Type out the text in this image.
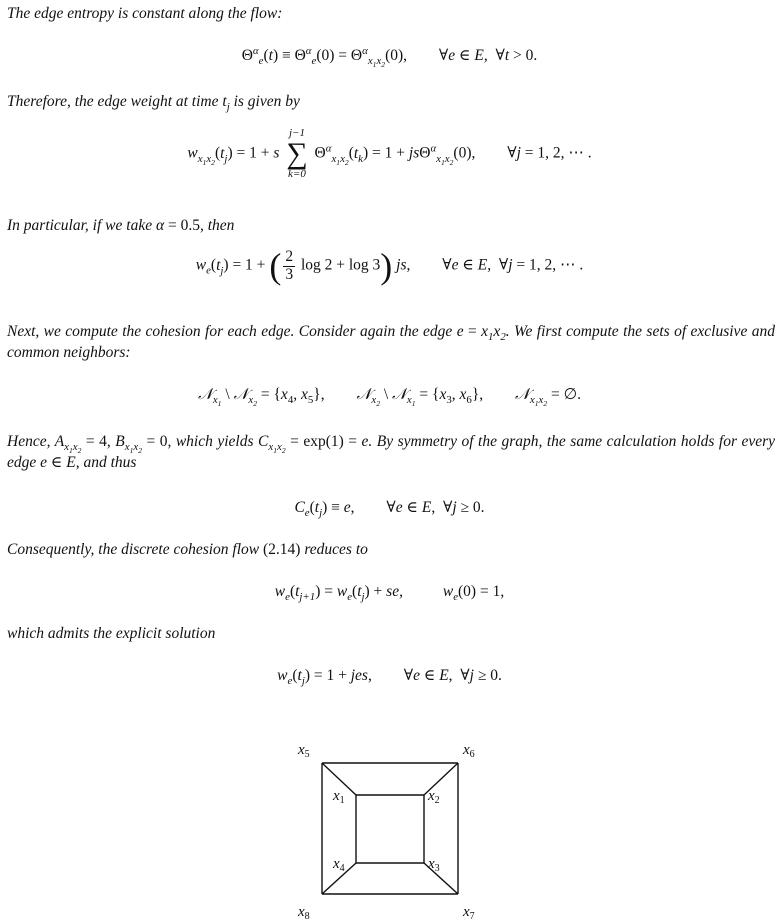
The edge entropy is constant along the flow:
$\Theta^\alpha_e(t) \equiv \Theta^\alpha_e(0) = \Theta^\alpha_{x_1x_2}(0)$, ∀e ∈ E,  ∀t > 0.
Therefore, the edge weight at time $t_j$ is given by
$w_{x_1x_2}(t_j) = 1 + s$
j−1
∑
k=0
$\Theta^\alpha_{x_1x_2}(t_k) = 1 + js\Theta^\alpha_{x_1x_2}(0)$, ∀j = 1, 2, ⋯ .
In particular, if we take α = 0.5, then
$w_e(t_j) = 1$ + ( $\frac{2}{3}$ log 2 + log 3) js, ∀e ∈ E,  ∀j = 1, 2, ⋯ .
Next, we compute the cohesion for each edge. Consider again the edge $e = x_1x_2$. We first compute the sets of exclusive and common neighbors:
𝒩$_{x_1}$ \ 𝒩$_{x_2}$ = {$x_4$, $x_5$}, 𝒩$_{x_2}$ \ 𝒩$_{x_1}$ = {$x_3$, $x_6$}, 𝒩$_{x_1x_2}$ = ∅.
Hence, $A_{x_1x_2} = 4$, $B_{x_1x_2} = 0$, which yields $C_{x_1x_2} = \exp(1) = e$. By symmetry of the graph, the same calculation holds for every edge e ∈ E, and thus
$C_e(t_j) \equiv e$, ∀e ∈ E,  ∀j ≥ 0.
Consequently, the discrete cohesion flow (2.14) reduces to
$w_e(t_{j+1}) = w_e(t_j)$ + se, $w_e(0) = 1$,
which admits the explicit solution
$w_e(t_j) = 1$ + jes, ∀e ∈ E,  ∀j ≥ 0.
$x_1$	$x_2$
$x_3$
$x_4$
$x_5$	$x_6$
$x_7$
$x_8$
